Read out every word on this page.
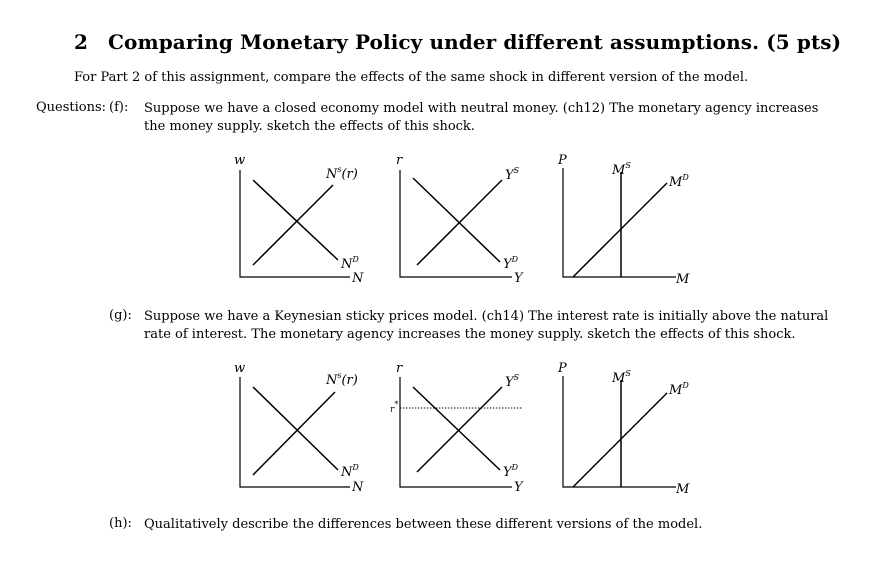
2 Comparing Monetary Policy under different assumptions. (5 pts)
For Part 2 of this assignment, compare the effects of the same shock in different version of the model.
Questions: (f): Suppose we have a closed economy model with neutral money. (ch12) The monetary agency increases
the money supply. sketch the effects of this shock.
(g): Suppose we have a Keynesian sticky prices model. (ch14) The interest rate is initially above the natural
rate of interest. The monetary agency increases the money supply. sketch the effects of this shock.
(h): Qualitatively describe the differences between these different versions of the model.
w
$N^s(r)$
$N^D$
N
r
$Y^S$
$Y^D$
Y
P
$M^S$
$M^D$
M
w
$N^s(r)$
$N^D$
N
r
r*
$Y^S$
$Y^D$
Y
P
$M^S$
$M^D$
M
